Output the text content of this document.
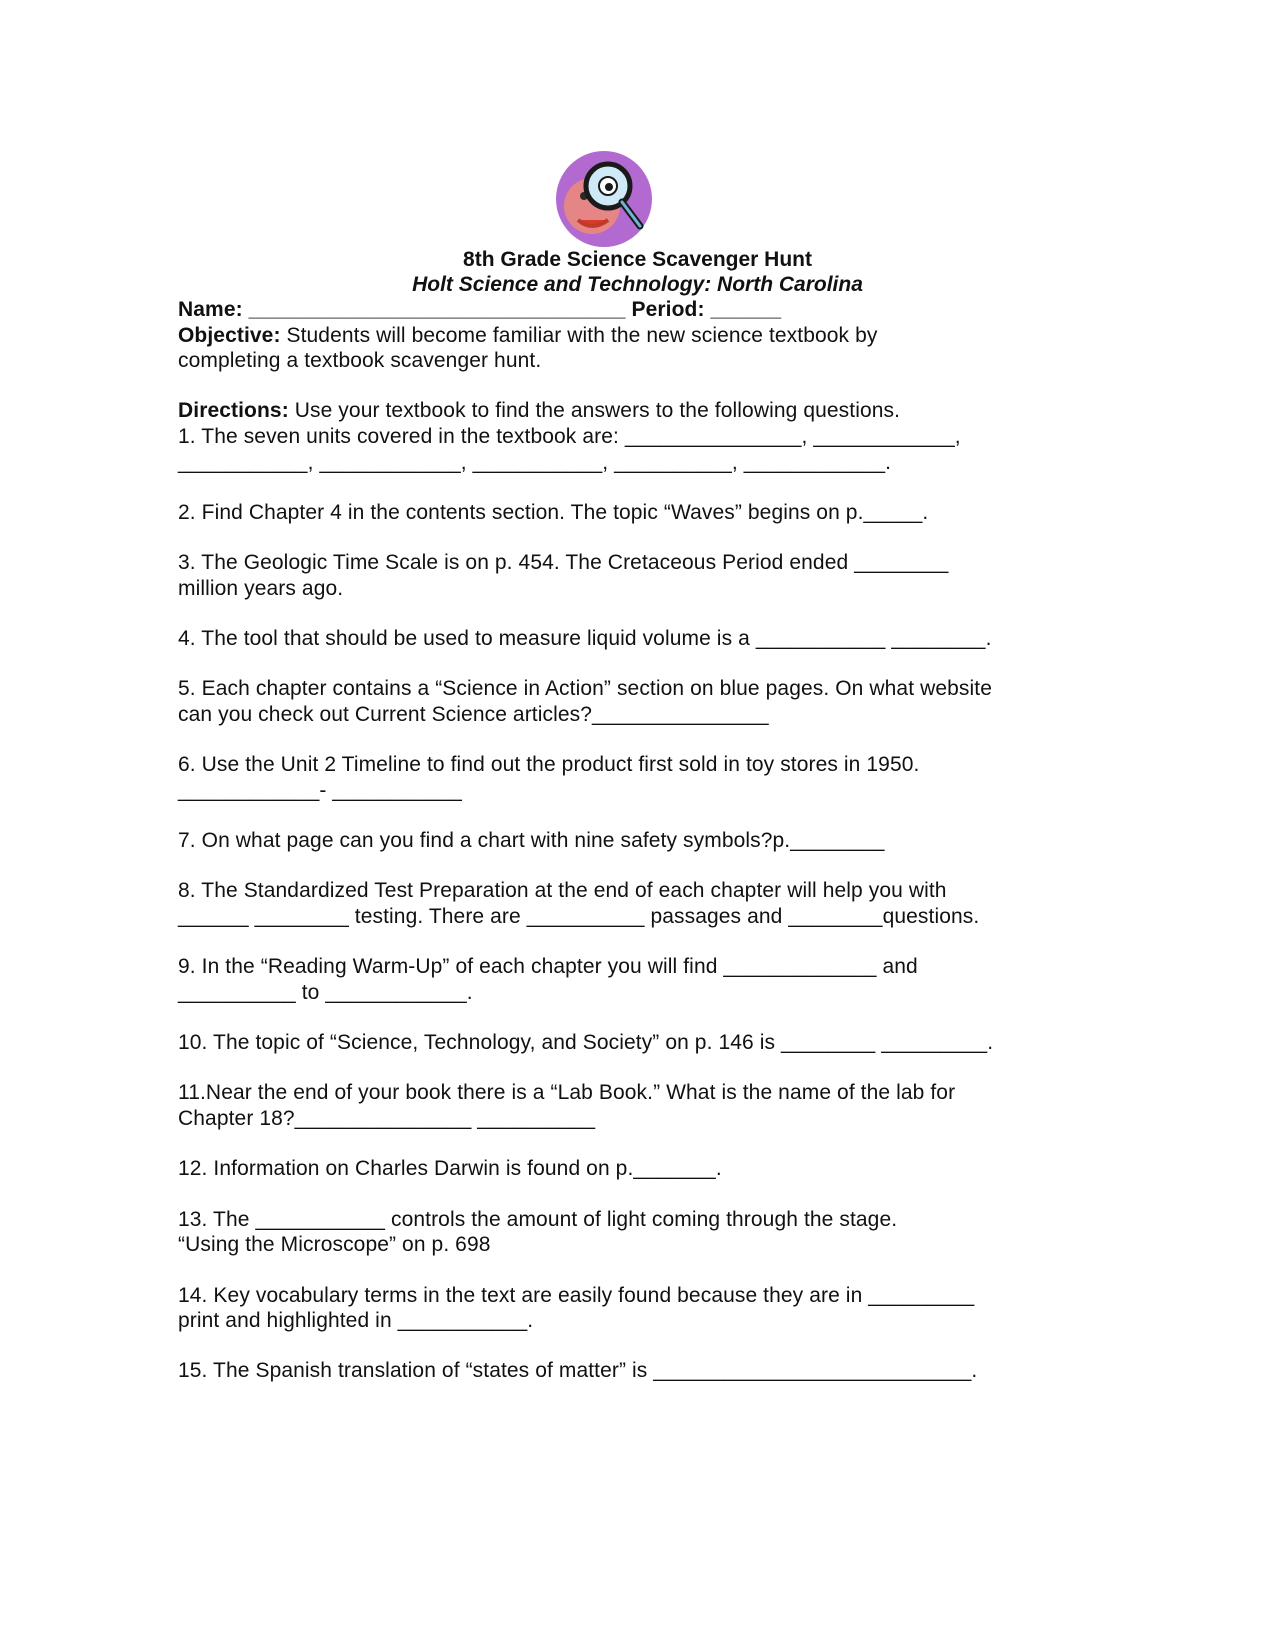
8th Grade Science Scavenger Hunt
Holt Science and Technology: North Carolina
Name: ________________________________ Period: ______
Objective: Students will become familiar with the new science textbook by
completing a textbook scavenger hunt.
Directions: Use your textbook to find the answers to the following questions.
1. The seven units covered in the textbook are: _______________, ____________,
___________, ____________, ___________, __________, ____________.
2. Find Chapter 4 in the contents section. The topic “Waves” begins on p._____.
3. The Geologic Time Scale is on p. 454. The Cretaceous Period ended ________
million years ago.
4. The tool that should be used to measure liquid volume is a ___________ ________.
5. Each chapter contains a “Science in Action” section on blue pages. On what website
can you check out Current Science articles?_______________
6. Use the Unit 2 Timeline to find out the product first sold in toy stores in 1950.
____________- ___________
7. On what page can you find a chart with nine safety symbols?p.________
8. The Standardized Test Preparation at the end of each chapter will help you with
______ ________ testing. There are __________ passages and ________questions.
9. In the “Reading Warm-Up” of each chapter you will find _____________ and
__________ to ____________.
10. The topic of “Science, Technology, and Society” on p. 146 is ________ _________.
11.Near the end of your book there is a “Lab Book.” What is the name of the lab for
Chapter 18?_______________ __________
12. Information on Charles Darwin is found on p._______.
13. The ___________ controls the amount of light coming through the stage.
“Using the Microscope” on p. 698
14. Key vocabulary terms in the text are easily found because they are in _________
print and highlighted in ___________.
15. The Spanish translation of “states of matter” is ___________________________.
